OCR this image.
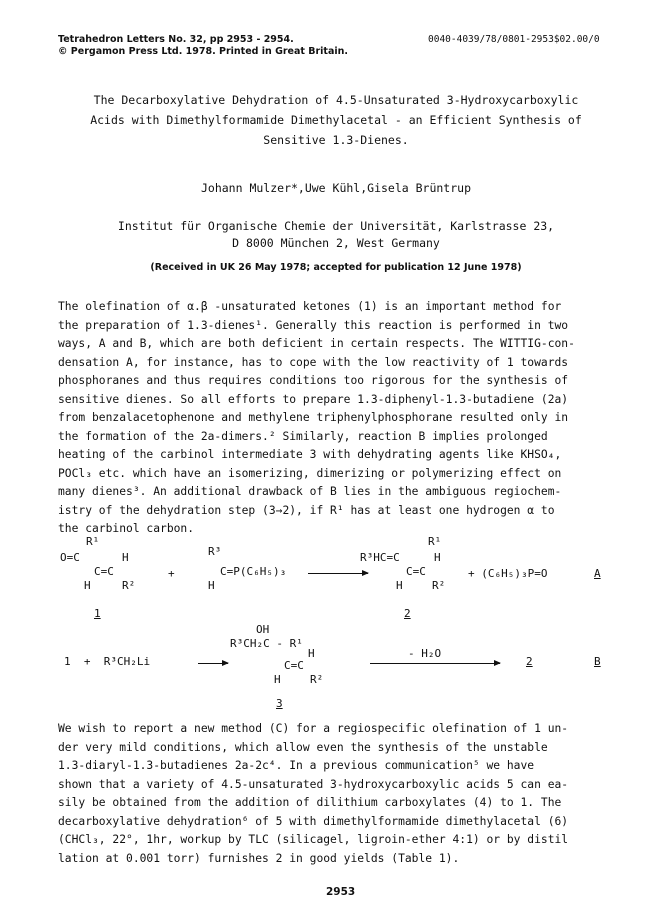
Tetrahedron Letters No. 32, pp 2953 - 2954.
© Pergamon Press Ltd. 1978. Printed in Great Britain.
0040-4039/78/0801-2953$02.00/0
The Decarboxylative Dehydration of 4.5-Unsaturated 3-Hydroxycarboxylic
Acids with Dimethylformamide Dimethylacetal - an Efficient Synthesis of
Sensitive 1.3-Dienes.
Johann Mulzer*,Uwe Kühl,Gisela Brüntrup
Institut für Organische Chemie der Universität, Karlstrasse 23,
D 8000 München 2, West Germany
(Received in UK 26 May 1978; accepted for publication 12 June 1978)
The olefination of α.β -unsaturated ketones (1) is an important method for
the preparation of 1.3-dienes¹. Generally this reaction is performed in two
ways, A and B, which are both deficient in certain respects. The WITTIG-con-
densation A, for instance, has to cope with the low reactivity of 1 towards
phosphoranes and thus requires conditions too rigorous for the synthesis of
sensitive dienes. So all efforts to prepare 1.3-diphenyl-1.3-butadiene (2a)
from benzalacetophenone and methylene triphenylphosphorane resulted only in
the formation of the 2a-dimers.² Similarly, reaction B implies prolonged
heating of the carbinol intermediate 3 with dehydrating agents like KHSO₄,
POCl₃ etc. which have an isomerizing, dimerizing or polymerizing effect on
many dienes³. An additional drawback of B lies in the ambiguous regiochem-
istry of the dehydration step (3→2), if R¹ has at least one hydrogen α to
the carbinol carbon.
R¹
O=C	H
C=C
H	R²
+
R³
C=P(C₆H₅)₃
H
R¹
R³HC=C	H
C=C
H	R²
+ (C₆H₅)₃P=O	A
1	2
1  +  R³CH₂Li
OH
R³CH₂C - R¹
H
C=C
H	R²
- H₂O
2	B
3
We wish to report a new method (C) for a regiospecific olefination of 1 un-
der very mild conditions, which allow even the synthesis of the unstable
1.3-diaryl-1.3-butadienes 2a-2c⁴. In a previous communication⁵ we have
shown that a variety of 4.5-unsaturated 3-hydroxycarboxylic acids 5 can ea-
sily be obtained from the addition of dilithium carboxylates (4) to 1. The
decarboxylative dehydration⁶ of 5 with dimethylformamide dimethylacetal (6)
(CHCl₃, 22°, 1hr, workup by TLC (silicagel, ligroin-ether 4:1) or by distil
lation at 0.001 torr) furnishes 2 in good yields (Table 1).
2953
